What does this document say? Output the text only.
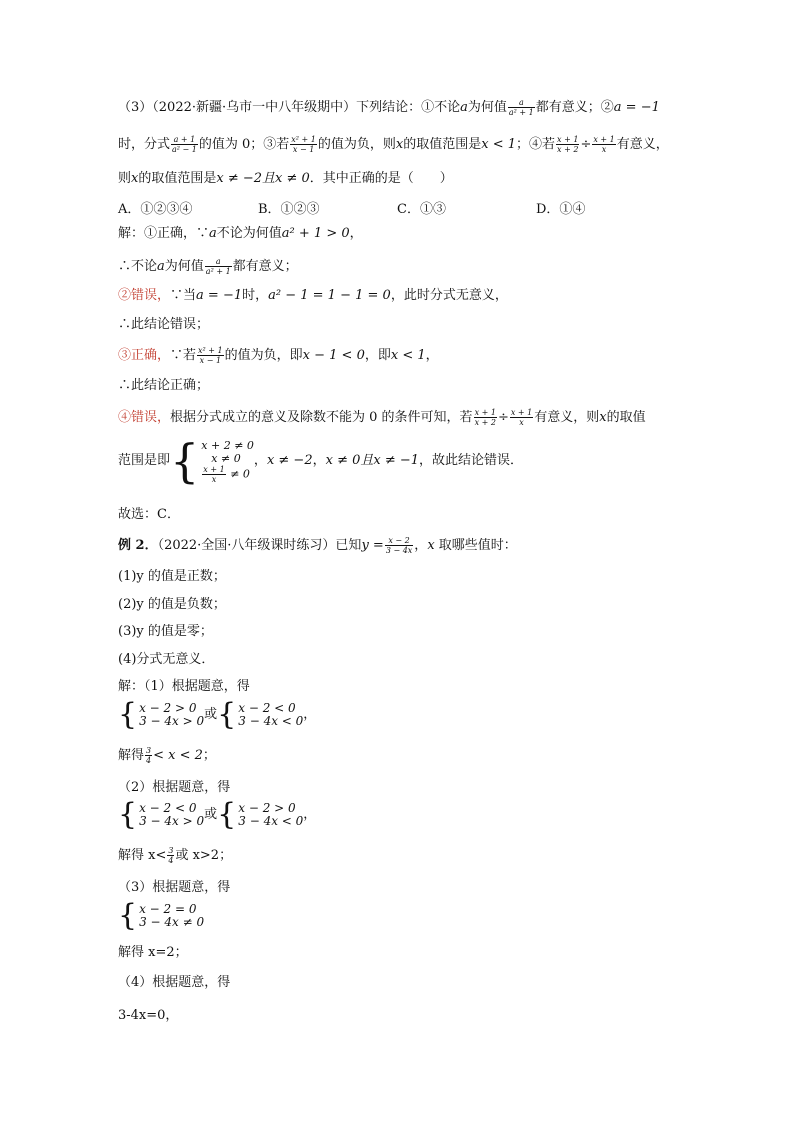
（3）（2022·新疆·乌市一中八年级期中）下列结论：①不论a为何值 $\frac{a}{\text{a² + 1}}$ 都有意义；②a = −1
时，分式 $\frac{a + 1}{\text{a² − 1}}$ 的值为 0；③若 $\frac{\text{x² + 1}}{x - 1}$ 的值为负，则x的取值范围是x < 1；④若 $\frac{x + 1}{x + 2} \div \frac{x + 1}{x}$ 有意义，
则x的取值范围是x ≠ −2且x ≠ 0．其中正确的是（　　）
A．①②③④	B．①②③	C．①③	D．①④
解：①正确，∵a不论为何值a² + 1 > 0，
∴不论a为何值 $\frac{a}{\text{a² + 1}}$ 都有意义；
②错误，∵当a = −1时，a² − 1 = 1 − 1 = 0，此时分式无意义，
∴此结论错误；
③正确，∵若 $\frac{\text{x² + 1}}{x - 1}$ 的值为负，即x − 1 < 0，即x < 1，
∴此结论正确；
④错误，根据分式成立的意义及除数不能为 0 的条件可知，若 $\frac{x + 1}{x + 2} \div \frac{x + 1}{x}$ 有意义，则x的取值
范围是即{ x + 2 ≠ 0
x ≠ 0
$\frac{x + 1}{x} \ne 0$
，x ≠ −2，x ≠ 0且x ≠ −1，故此结论错误．
故选：C．
例 2．（2022·全国·八年级课时练习）已知$y = \frac{x - 2}{3 - 4x}$ ，x 取哪些值时：
(1)y 的值是正数；
(2)y 的值是负数；
(3)y 的值是零；
(4)分式无意义．
解：（1）根据题意，得
{ x − 2 > 0
3 − 4x > 0 或{ x − 2 < 0
3 − 4x < 0 ，
解得 $\frac{3}{4} < x < 2$；
（2）根据题意，得
{ x − 2 < 0
3 − 4x > 0 或{ x − 2 > 0
3 − 4x < 0 ，
解得 $x< \frac{3}{4}$ 或 x>2；
（3）根据题意，得
{ x − 2 = 0
3 − 4x ≠ 0
解得 x=2；
（4）根据题意，得
3-4x=0，
